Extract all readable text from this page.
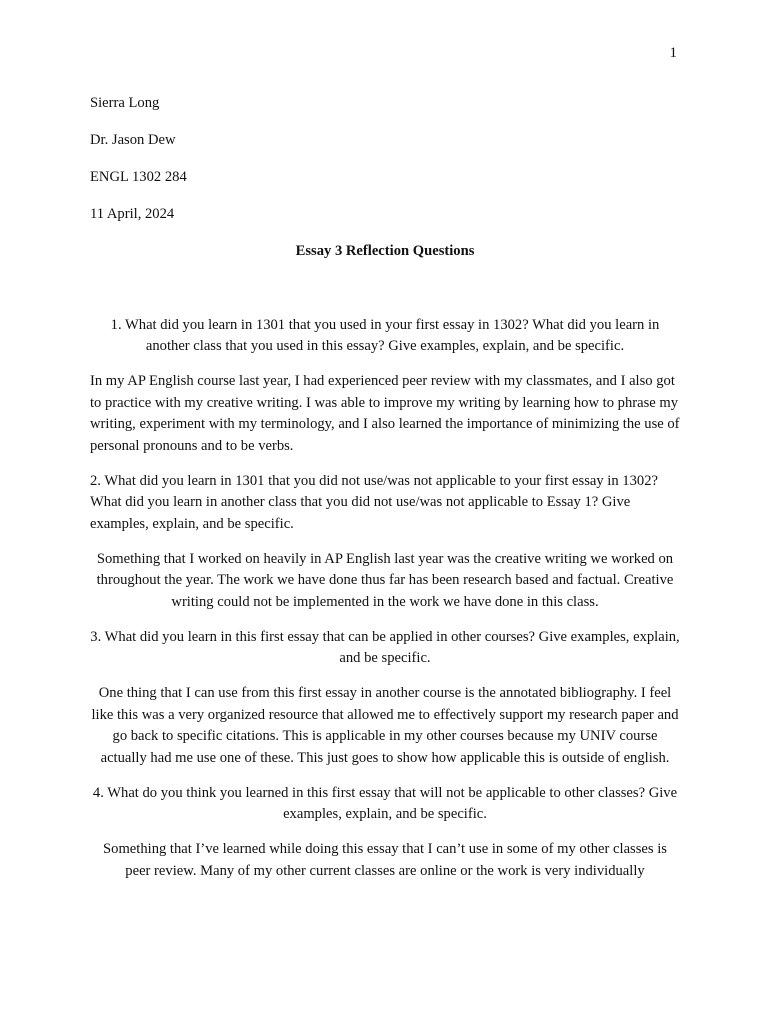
1

Sierra Long

Dr. Jason Dew

ENGL 1302 284

11 April, 2024

Essay 3 Reflection Questions

1. What did you learn in 1301 that you used in your first essay in 1302? What did you learn in another class that you used in this essay? Give examples, explain, and be specific.

In my AP English course last year, I had experienced peer review with my classmates, and I also got to practice with my creative writing. I was able to improve my writing by learning how to phrase my writing, experiment with my terminology, and I also learned the importance of minimizing the use of personal pronouns and to be verbs.

2. What did you learn in 1301 that you did not use/was not applicable to your first essay in 1302? What did you learn in another class that you did not use/was not applicable to Essay 1? Give examples, explain, and be specific.

Something that I worked on heavily in AP English last year was the creative writing we worked on throughout the year. The work we have done thus far has been research based and factual. Creative writing could not be implemented in the work we have done in this class.

3. What did you learn in this first essay that can be applied in other courses? Give examples, explain, and be specific.

One thing that I can use from this first essay in another course is the annotated bibliography. I feel like this was a very organized resource that allowed me to effectively support my research paper and go back to specific citations. This is applicable in my other courses because my UNIV course actually had me use one of these. This just goes to show how applicable this is outside of english.

4. What do you think you learned in this first essay that will not be applicable to other classes? Give examples, explain, and be specific.

Something that I’ve learned while doing this essay that I can’t use in some of my other classes is peer review. Many of my other current classes are online or the work is very individually
